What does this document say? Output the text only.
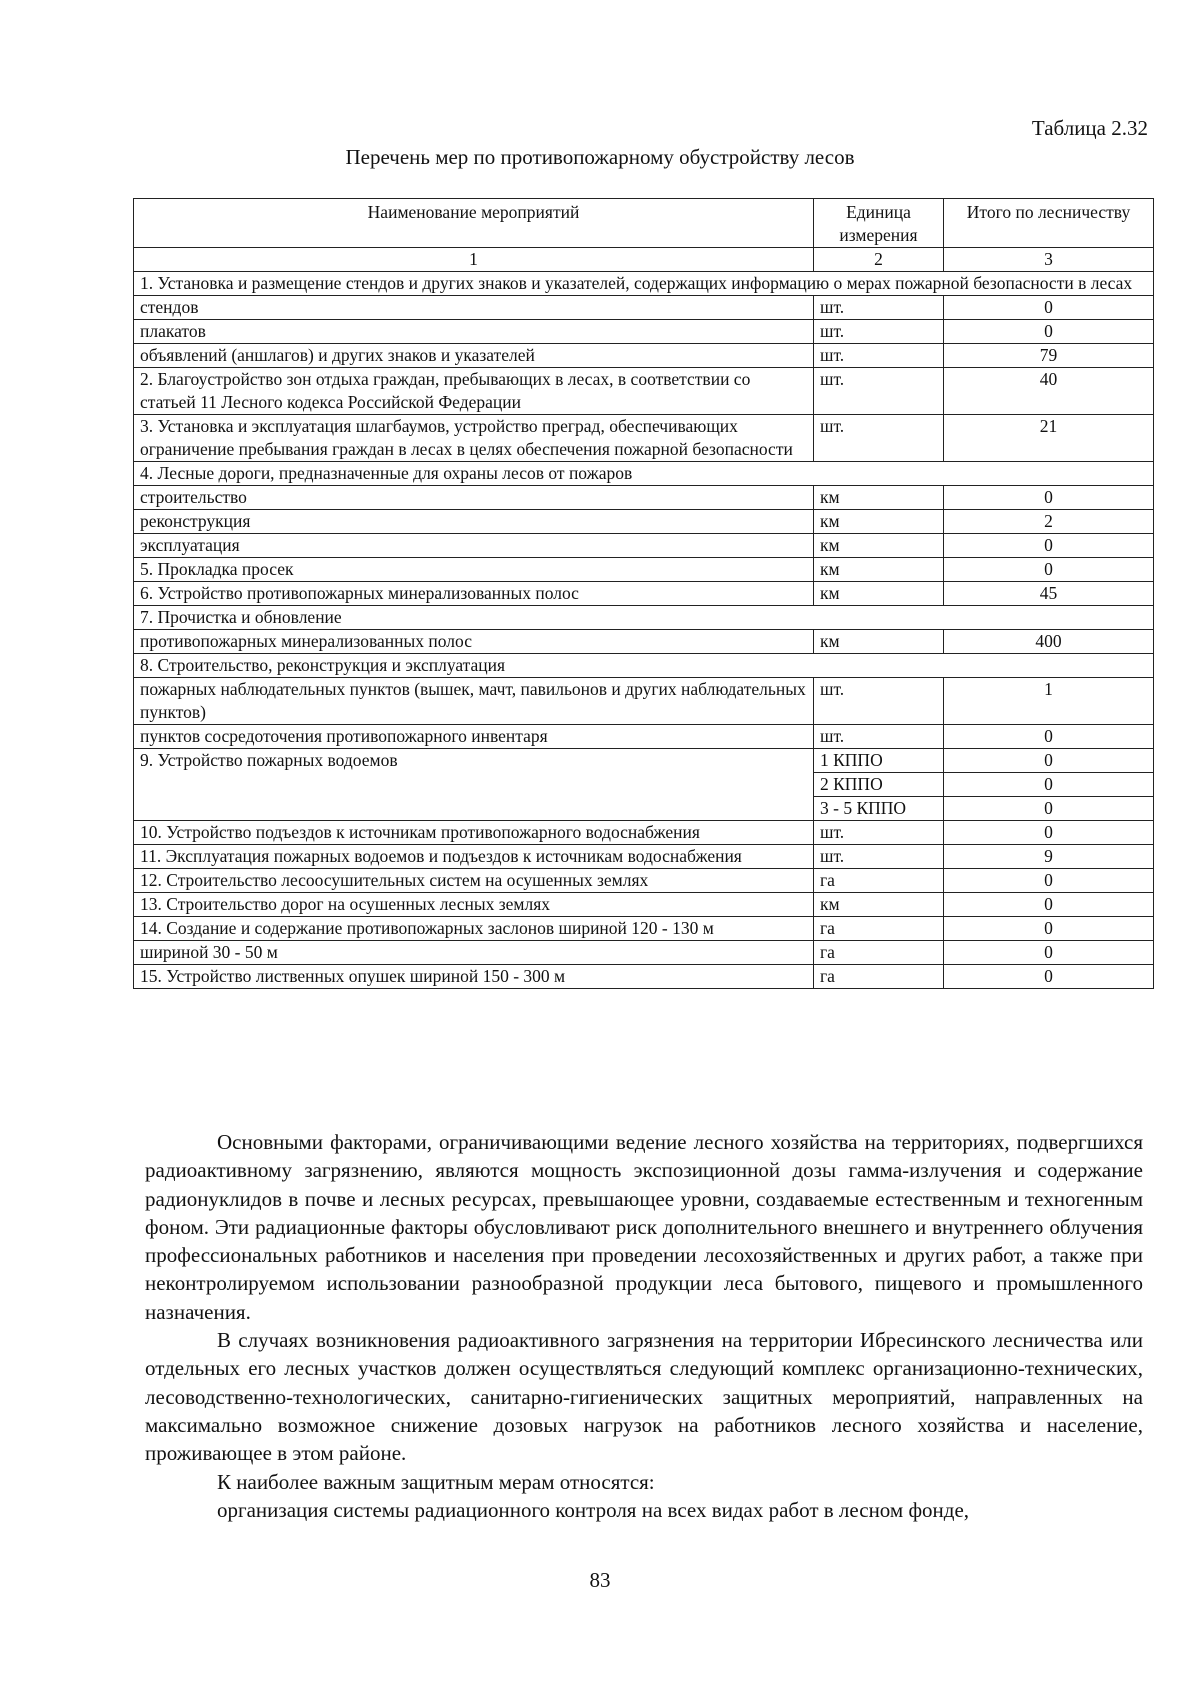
Таблица 2.32
Перечень мер по противопожарному обустройству лесов
Наименование мероприятий	Единица измерения	Итого по лесничеству
1	2	3
1. Установка и размещение стендов и других знаков и указателей, содержащих информацию о мерах пожарной безопасности в лесах		
стендов	шт.	0
плакатов	шт.	0
объявлений (аншлагов) и других знаков и указателей	шт.	79
2. Благоустройство зон отдыха граждан, пребывающих в лесах, в соответствии со статьей 11 Лесного кодекса Российской Федерации	шт.	40
3. Установка и эксплуатация шлагбаумов, устройство преград, обеспечивающих ограничение пребывания граждан в лесах в целях обеспечения пожарной безопасности	шт.	21
4. Лесные дороги, предназначенные для охраны лесов от пожаров		
строительство	км	0
реконструкция	км	2
эксплуатация	км	0
5. Прокладка просек	км	0
6. Устройство противопожарных минерализованных полос	км	45
7. Прочистка и обновление		
противопожарных минерализованных полос	км	400
8. Строительство, реконструкция и эксплуатация		
пожарных наблюдательных пунктов (вышек, мачт, павильонов и других наблюдательных пунктов)	шт.	1
пунктов сосредоточения противопожарного инвентаря	шт.	0
9. Устройство пожарных водоемов	1 КППО	0
	2 КППО	0
	3 - 5 КППО	0
10. Устройство подъездов к источникам противопожарного водоснабжения	шт.	0
11. Эксплуатация пожарных водоемов и подъездов к источникам водоснабжения	шт.	9
12. Строительство лесоосушительных систем на осушенных землях	га	0
13. Строительство дорог на осушенных лесных землях	км	0
14. Создание и содержание противопожарных заслонов шириной 120 - 130 м	га	0
шириной 30 - 50 м	га	0
15. Устройство лиственных опушек шириной 150 - 300 м	га	0

Основными факторами, ограничивающими ведение лесного хозяйства на территориях, подвергшихся радиоактивному загрязнению, являются мощность экспозиционной дозы гамма-излучения и содержание радионуклидов в почве и лесных ресурсах, превышающее уровни, создаваемые естественным и техногенным фоном. Эти радиационные факторы обусловливают риск дополнительного внешнего и внутреннего облучения профессиональных работников и населения при проведении лесохозяйственных и других работ, а также при неконтролируемом использовании разнообразной продукции леса бытового, пищевого и промышленного назначения.

В случаях возникновения радиоактивного загрязнения на территории Ибресинского лесничества или отдельных его лесных участков должен осуществляться следующий комплекс организационно-технических, лесоводственно-технологических, санитарно-гигиенических защитных мероприятий, направленных на максимально возможное снижение дозовых нагрузок на работников лесного хозяйства и население, проживающее в этом районе.

К наиболее важным защитным мерам относятся:

организация системы радиационного контроля на всех видах работ в лесном фонде,

83
